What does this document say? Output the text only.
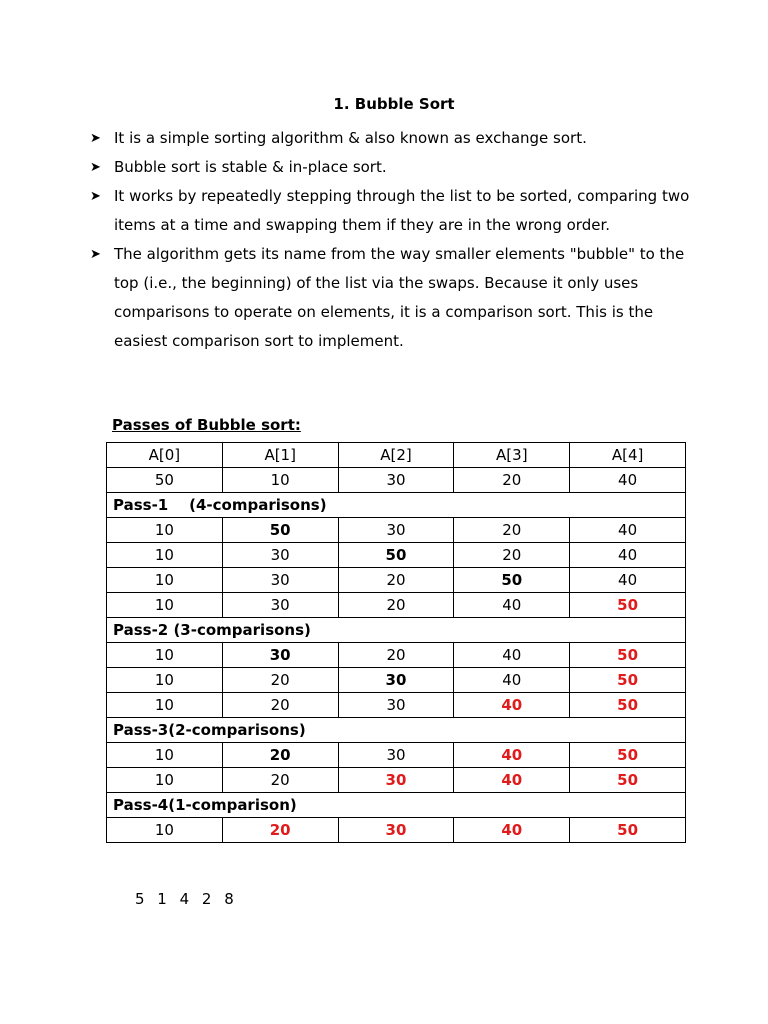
1. Bubble Sort
➤ It is a simple sorting algorithm & also known as exchange sort.
➤ Bubble sort is stable & in-place sort.
➤ It works by repeatedly stepping through the list to be sorted, comparing two items at a time and swapping them if they are in the wrong order.
➤ The algorithm gets its name from the way smaller elements "bubble" to the top (i.e., the beginning) of the list via the swaps. Because it only uses comparisons to operate on elements, it is a comparison sort. This is the easiest comparison sort to implement.
Passes of Bubble sort:
A[0]	A[1]	A[2]	A[3]	A[4]
50	10	30	20	40
Pass-1    (4-comparisons)				
10	50	30	20	40
10	30	50	20	40
10	30	20	50	40
10	30	20	40	50
Pass-2 (3-comparisons)				
10	30	20	40	50
10	20	30	40	50
10	20	30	40	50
Pass-3(2-comparisons)				
10	20	30	40	50
10	20	30	40	50
Pass-4(1-comparison)				
10	20	30	40	50
5 1 4 2 8
